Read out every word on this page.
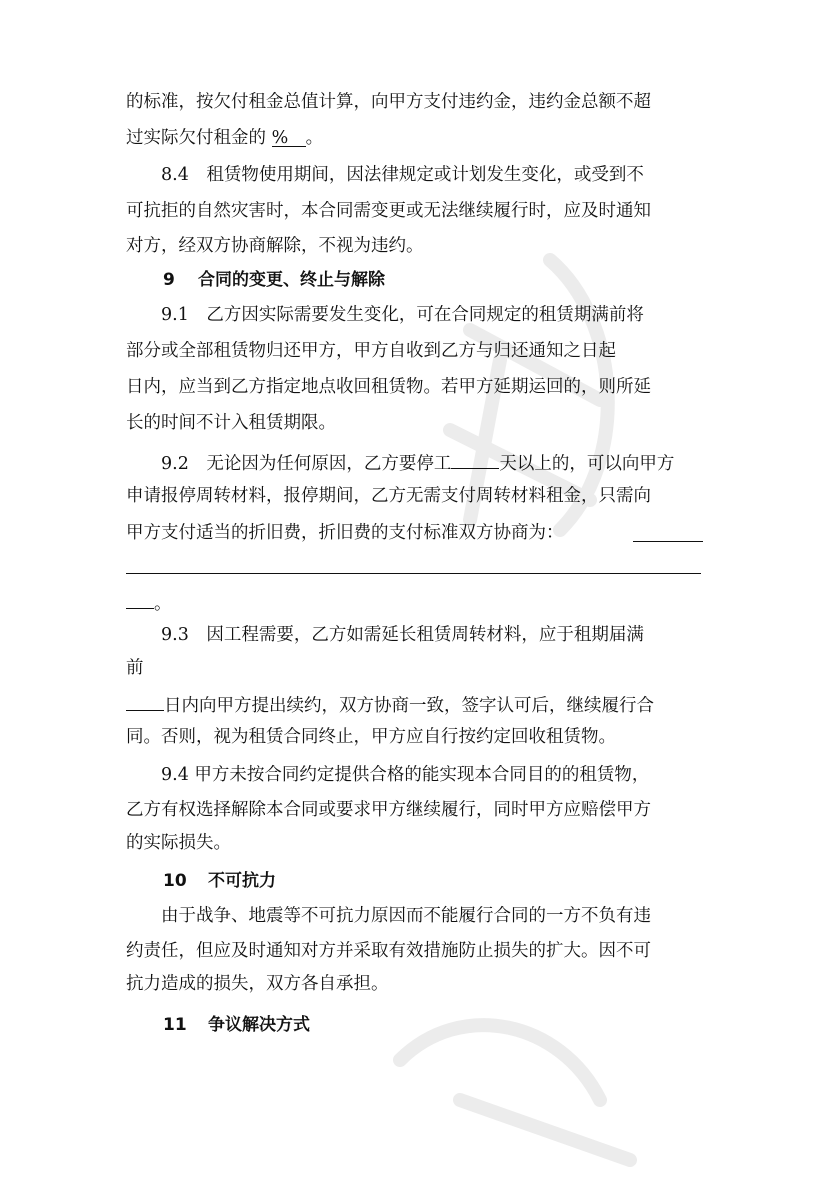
的标准，按欠付租金总值计算，向甲方支付违约金，违约金总额不超
过实际欠付租金的 % 。
8.4　租赁物使用期间，因法律规定或计划发生变化，或受到不
可抗拒的自然灾害时，本合同需变更或无法继续履行时，应及时通知
对方，经双方协商解除，不视为违约。
9 合同的变更、终止与解除
9.1　乙方因实际需要发生变化，可在合同规定的租赁期满前将
部分或全部租赁物归还甲方，甲方自收到乙方与归还通知之日起
日内，应当到乙方指定地点收回租赁物。若甲方延期运回的，则所延
长的时间不计入租赁期限。
9.2　无论因为任何原因，乙方要停工	天以上的，可以向甲方
申请报停周转材料，报停期间，乙方无需支付周转材料租金，只需向
甲方支付适当的折旧费，折旧费的支付标准双方协商为：
。
9.3　因工程需要，乙方如需延长租赁周转材料，应于租期届满
前
日内向甲方提出续约，双方协商一致，签字认可后，继续履行合
同。否则，视为租赁合同终止，甲方应自行按约定回收租赁物。
9.4 甲方未按合同约定提供合格的能实现本合同目的的租赁物，
乙方有权选择解除本合同或要求甲方继续履行，同时甲方应赔偿甲方
的实际损失。
10 不可抗力
由于战争、地震等不可抗力原因而不能履行合同的一方不负有违
约责任，但应及时通知对方并采取有效措施防止损失的扩大。因不可
抗力造成的损失，双方各自承担。
11 争议解决方式
